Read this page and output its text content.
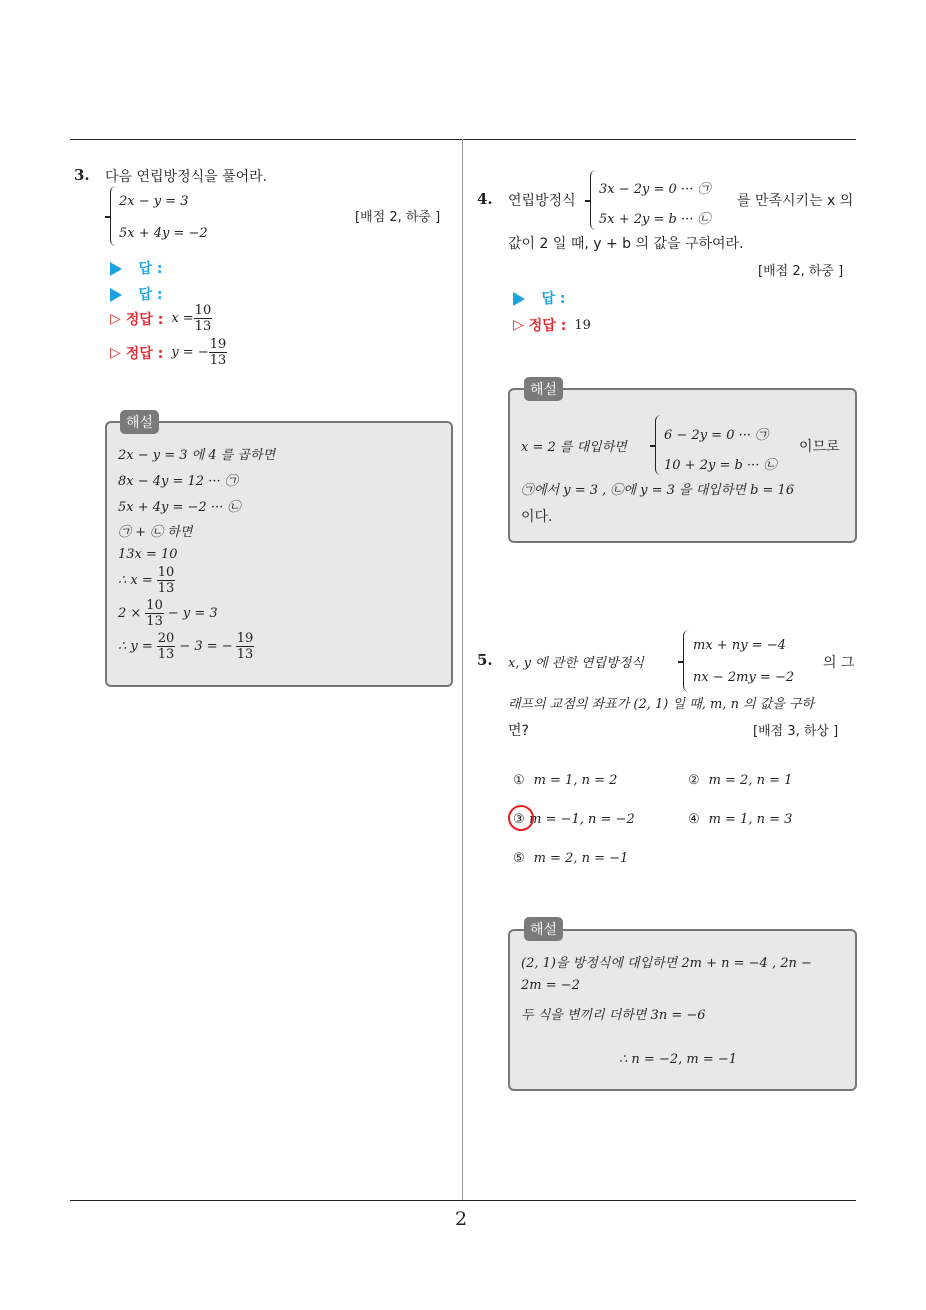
2
3. 다음 연립방정식을 풀어라.
2x − y = 3
5x + 4y = −2
[배점 2, 하중 ]
답 :
답 :
▷ 정답 : $x = \frac{10}{13}$
▷ 정답 : y = − $\frac{19}{13}$
해설
2x − y = 3 에 4 를 곱하면
8x − 4y = 12 ··· ㉠
5x + 4y = −2 ··· ㉡
㉠ + ㉡ 하면
13x = 10
∴ $x = \frac{10}{13}$
$2 \times \frac{10}{13} - y = 3$
∴ $y = \frac{20}{13} - 3$ = − $\frac{19}{13}$
4. 연립방정식
3x − 2y = 0 ··· ㉠
5x + 2y = b ··· ㉡
를 만족시키는 x 의
값이 2 일 때, y + b 의 값을 구하여라.
[배점 2, 하중 ]
답 :
▷ 정답 : 19
해설
x = 2 를 대입하면
6 − 2y = 0 ··· ㉠
10 + 2y = b ··· ㉡
이므로
㉠에서 y = 3 , ㉡에 y = 3 을 대입하면 b = 16
이다.
5. x, y 에 관한 연립방정식
mx + ny = −4
nx − 2my = −2
의 그
래프의 교점의 좌표가 (2, 1) 일 때, m, n 의 값을 구하
면?	[배점 3, 하상 ]
① m = 1, n = 2	② m = 2, n = 1
③ m = −1, n = −2	④ m = 1, n = 3
⑤ m = 2, n = −1
해설
(2, 1)을 방정식에 대입하면 2m + n = −4 , 2n −
2m = −2
두 식을 변끼리 더하면 3n = −6
∴ n = −2, m = −1
